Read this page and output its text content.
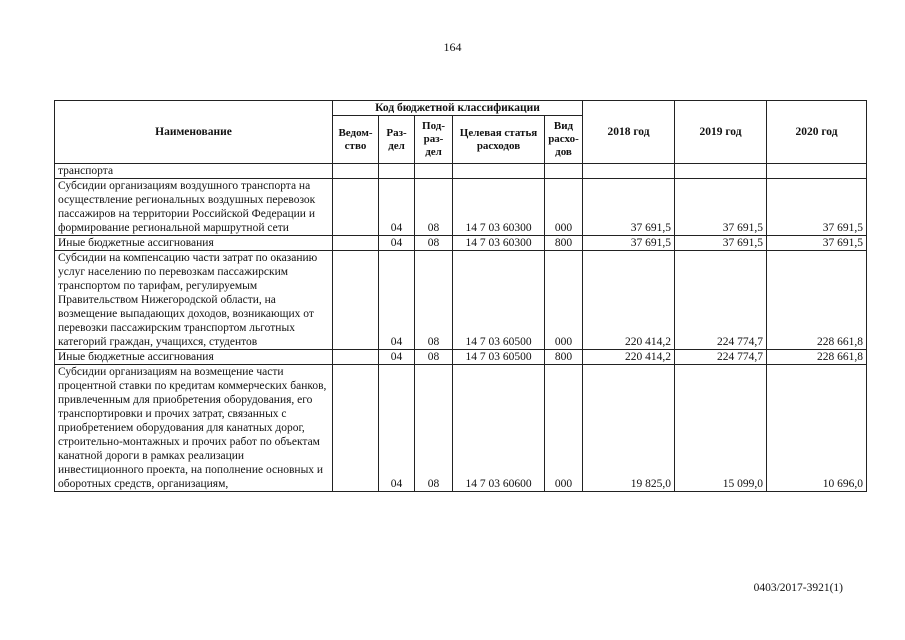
164
Наименование	Код бюджетной классификации					2018 год	2019 год	2020 год
	Ведом-ство	Раз-дел	Под-раз-дел	Целевая статья расходов	Вид расхо-дов			
транспорта								
Субсидии организациям воздушного транспорта на осуществление региональных воздушных перевозок пассажиров на территории Российской Федерации и формирование региональной маршрутной сети		04	08	14 7 03 60300	000	37 691,5	37 691,5	37 691,5
Иные бюджетные ассигнования		04	08	14 7 03 60300	800	37 691,5	37 691,5	37 691,5
Субсидии на компенсацию части затрат по оказанию услуг населению по перевозкам пассажирским транспортом по тарифам, регулируемым Правительством Нижегородской области, на возмещение выпадающих доходов, возникающих от перевозки пассажирским транспортом льготных категорий граждан, учащихся, студентов		04	08	14 7 03 60500	000	220 414,2	224 774,7	228 661,8
Иные бюджетные ассигнования		04	08	14 7 03 60500	800	220 414,2	224 774,7	228 661,8
Субсидии организациям на возмещение части процентной ставки по кредитам коммерческих банков, привлеченным для приобретения оборудования, его транспортировки и прочих затрат, связанных с приобретением оборудования для канатных дорог, строительно-монтажных и прочих работ по объектам канатной дороги в рамках реализации инвестиционного проекта, на пополнение основных и оборотных средств, организациям,		04	08	14 7 03 60600	000	19 825,0	15 099,0	10 696,0
0403/2017-3921(1)
